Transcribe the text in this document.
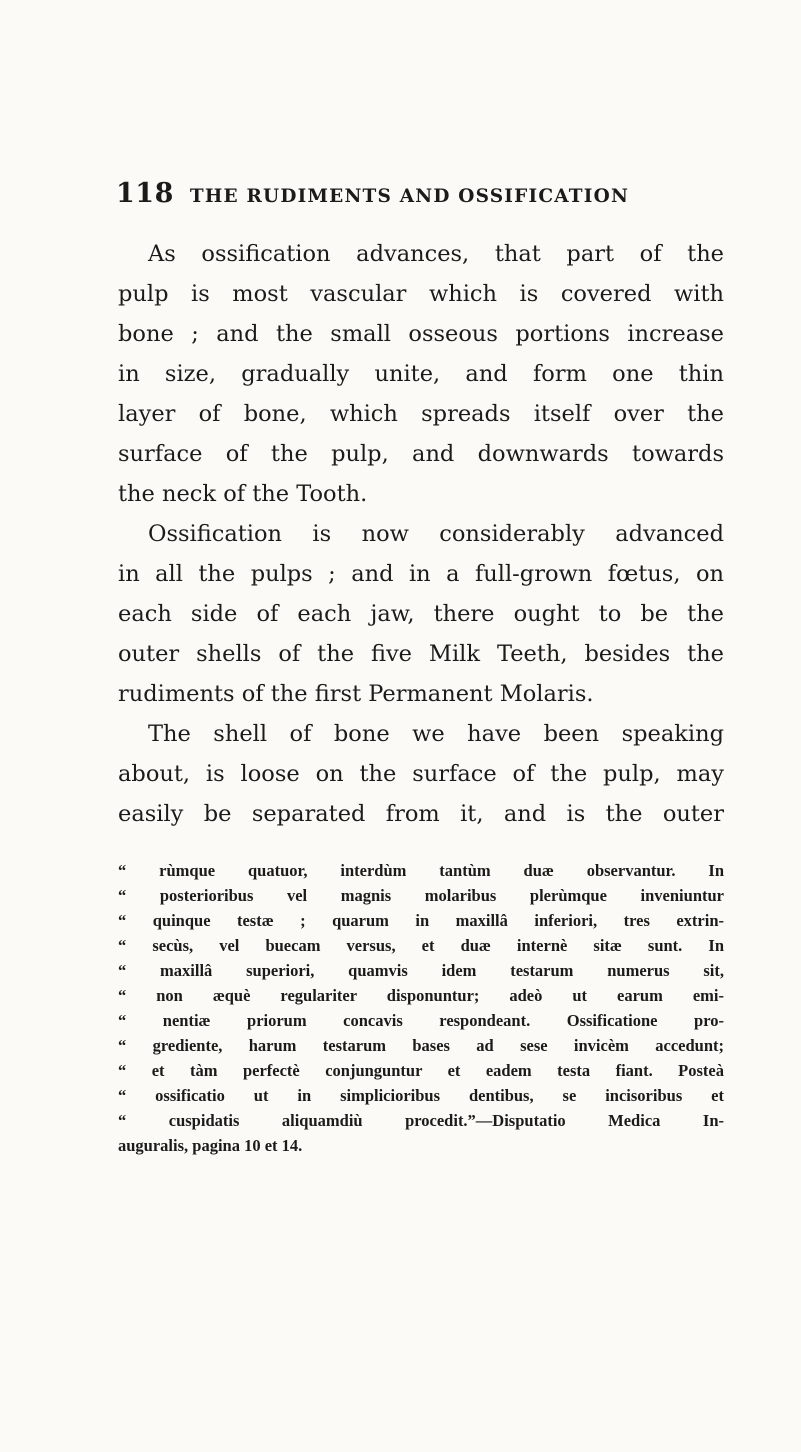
118 THE RUDIMENTS AND OSSIFICATION
As ossification advances, that part of the
pulp is most vascular which is covered with
bone ; and the small osseous portions increase
in size, gradually unite, and form one thin
layer of bone, which spreads itself over the
surface of the pulp, and downwards towards
the neck of the Tooth.
Ossification is now considerably advanced
in all the pulps ; and in a full-grown fœtus, on
each side of each jaw, there ought to be the
outer shells of the five Milk Teeth, besides the
rudiments of the first Permanent Molaris.
The shell of bone we have been speaking
about, is loose on the surface of the pulp, may
easily be separated from it, and is the outer
“ rùmque quatuor, interdùm tantùm duæ observantur. In
“ posterioribus vel magnis molaribus plerùmque inveniuntur
“ quinque testæ ; quarum in maxillâ inferiori, tres extrin-
“ secùs, vel buecam versus, et duæ internè sitæ sunt. In
“ maxillâ superiori, quamvis idem testarum numerus sit,
“ non æquè regulariter disponuntur; adeò ut earum emi-
“ nentiæ priorum concavis respondeant. Ossificatione pro-
“ grediente, harum testarum bases ad sese invicèm accedunt;
“ et tàm perfectè conjunguntur et eadem testa fiant. Posteà
“ ossificatio ut in simplicioribus dentibus, se incisoribus et
“ cuspidatis aliquamdiù procedit.”—Disputatio Medica In-
auguralis, pagina 10 et 14.
